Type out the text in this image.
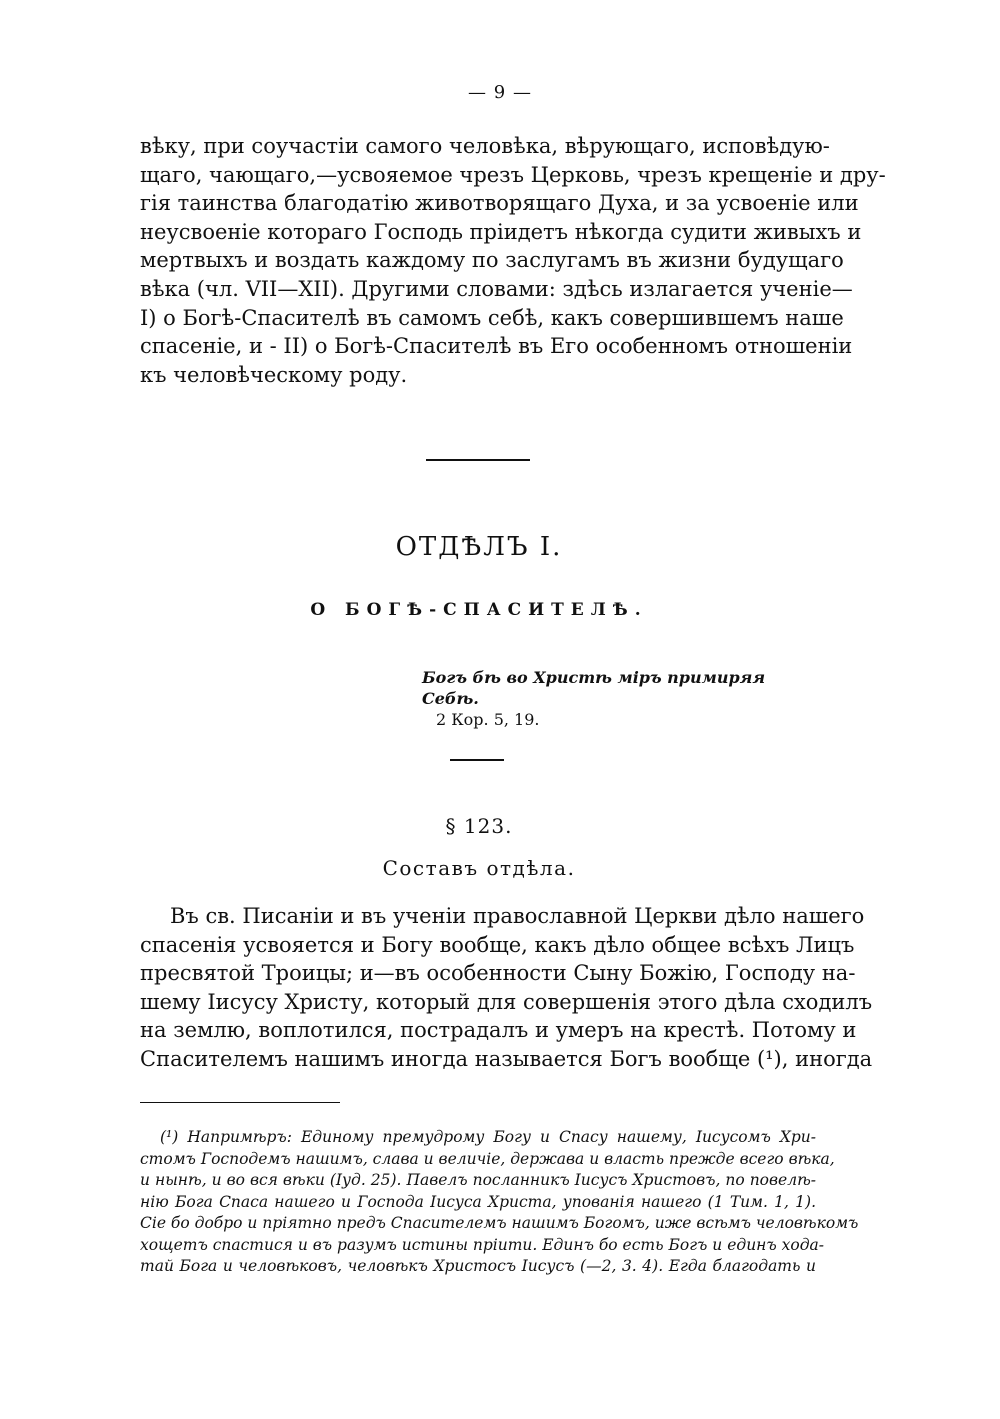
— 9 —
вѣку, при соучастіи самого человѣка, вѣрующаго, исповѣдую-
щаго, чающаго,—усвояемое чрезъ Церковь, чрезъ крещеніе и дру-
гія таинства благодатію животворящаго Духа, и за усвоеніе или
неусвоеніе котораго Господь пріидетъ нѣкогда судити живыхъ и
мертвыхъ и воздать каждому по заслугамъ въ жизни будущаго
вѣка (чл. VII—XII). Другими словами: здѣсь излагается ученіе—
I) о Богѣ-Спасителѣ въ самомъ себѣ, какъ совершившемъ наше
спасеніе, и - II) о Богѣ-Спасителѣ въ Его особенномъ отношеніи
къ человѣческому роду.
ОТДѢЛЪ I.
О БОГѢ-СПАСИТЕЛѢ.
Богъ бѣ во Христѣ міръ примиряя Себѣ.
2 Кор. 5, 19.
§ 123.
Составъ отдѣла.
Въ св. Писаніи и въ ученіи православной Церкви дѣло нашего
спасенія усвояется и Богу вообще, какъ дѣло общее всѣхъ Лицъ
пресвятой Троицы; и—въ особенности Сыну Божію, Господу на-
шему Іисусу Христу, который для совершенія этого дѣла сходилъ
на землю, воплотился, пострадалъ и умеръ на крестѣ. Потому и
Спасителемъ нашимъ иногда называется Богъ вообще (¹), иногда
(¹) Напримѣръ: Единому премудрому Богу и Спасу нашему, Іисусомъ Хри-
стомъ Господемъ нашимъ, слава и величіе, держава и власть прежде всего вѣка,
и нынѣ, и во вся вѣки (Іуд. 25). Павелъ посланникъ Іисусъ Христовъ, по повелѣ-
нію Бога Спаса нашего и Господа Іисуса Христа, упованія нашего (1 Тим. 1, 1).
Сіе бо добро и пріятно предъ Спасителемъ нашимъ Богомъ, иже всѣмъ человѣкомъ
хощетъ спастися и въ разумъ истины пріити. Единъ бо есть Богъ и единъ хода-
тай Бога и человѣковъ, человѣкъ Христосъ Іисусъ (—2, 3. 4). Егда благодать и
